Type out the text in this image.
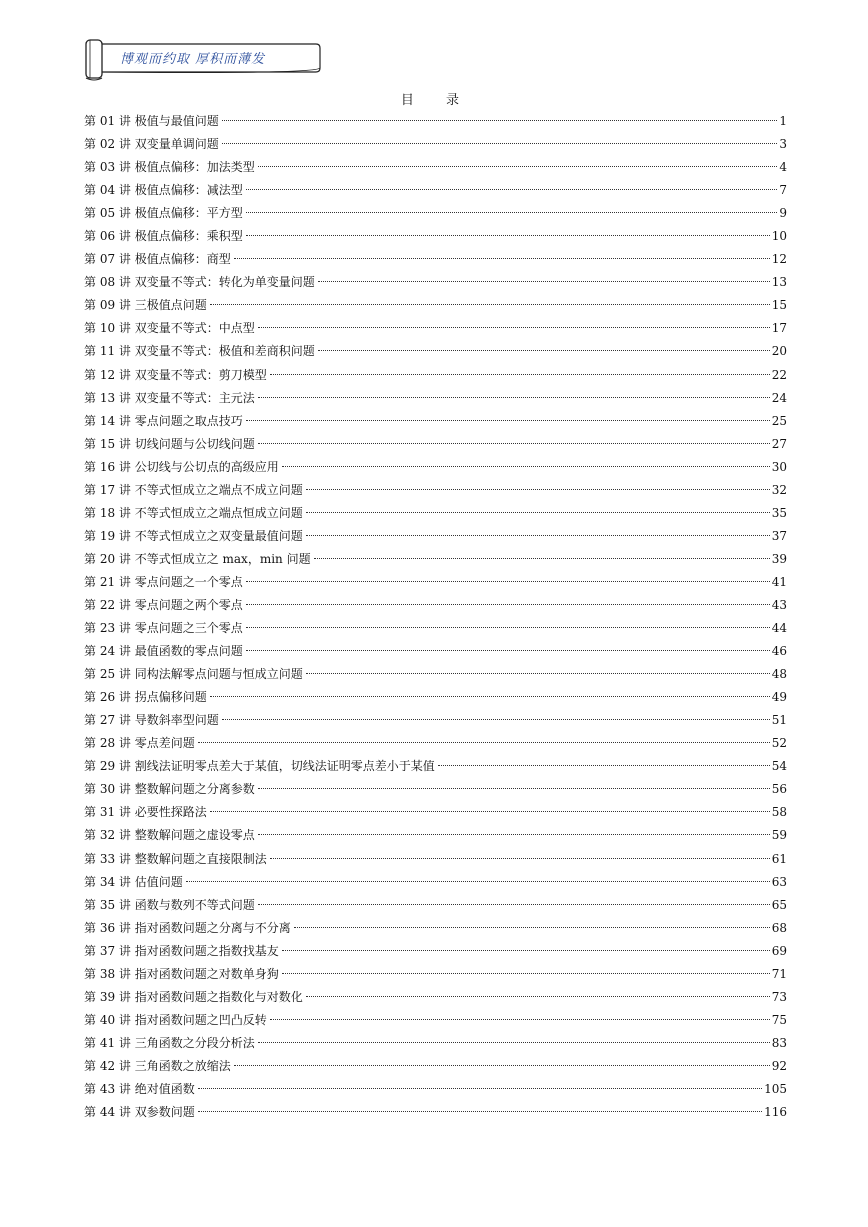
博观而约取 厚积而薄发
目 录
第 01 讲 极值与最值问题	1
第 02 讲 双变量单调问题	3
第 03 讲 极值点偏移：加法类型	4
第 04 讲 极值点偏移：减法型	7
第 05 讲 极值点偏移：平方型	9
第 06 讲 极值点偏移：乘积型	10
第 07 讲 极值点偏移：商型	12
第 08 讲 双变量不等式：转化为单变量问题	13
第 09 讲 三极值点问题	15
第 10 讲 双变量不等式：中点型	17
第 11 讲 双变量不等式：极值和差商积问题	20
第 12 讲 双变量不等式：剪刀模型	22
第 13 讲 双变量不等式：主元法	24
第 14 讲 零点问题之取点技巧	25
第 15 讲 切线问题与公切线问题	27
第 16 讲 公切线与公切点的高级应用	30
第 17 讲 不等式恒成立之端点不成立问题	32
第 18 讲 不等式恒成立之端点恒成立问题	35
第 19 讲 不等式恒成立之双变量最值问题	37
第 20 讲 不等式恒成立之 max，min 问题	39
第 21 讲 零点问题之一个零点	41
第 22 讲 零点问题之两个零点	43
第 23 讲 零点问题之三个零点	44
第 24 讲 最值函数的零点问题	46
第 25 讲 同构法解零点问题与恒成立问题	48
第 26 讲 拐点偏移问题	49
第 27 讲 导数斜率型问题	51
第 28 讲 零点差问题	52
第 29 讲 割线法证明零点差大于某值，切线法证明零点差小于某值	54
第 30 讲 整数解问题之分离参数	56
第 31 讲 必要性探路法	58
第 32 讲 整数解问题之虚设零点	59
第 33 讲 整数解问题之直接限制法	61
第 34 讲 估值问题	63
第 35 讲 函数与数列不等式问题	65
第 36 讲 指对函数问题之分离与不分离	68
第 37 讲 指对函数问题之指数找基友	69
第 38 讲 指对函数问题之对数单身狗	71
第 39 讲 指对函数问题之指数化与对数化	73
第 40 讲 指对函数问题之凹凸反转	75
第 41 讲 三角函数之分段分析法	83
第 42 讲 三角函数之放缩法	92
第 43 讲 绝对值函数	105
第 44 讲 双参数问题	116
